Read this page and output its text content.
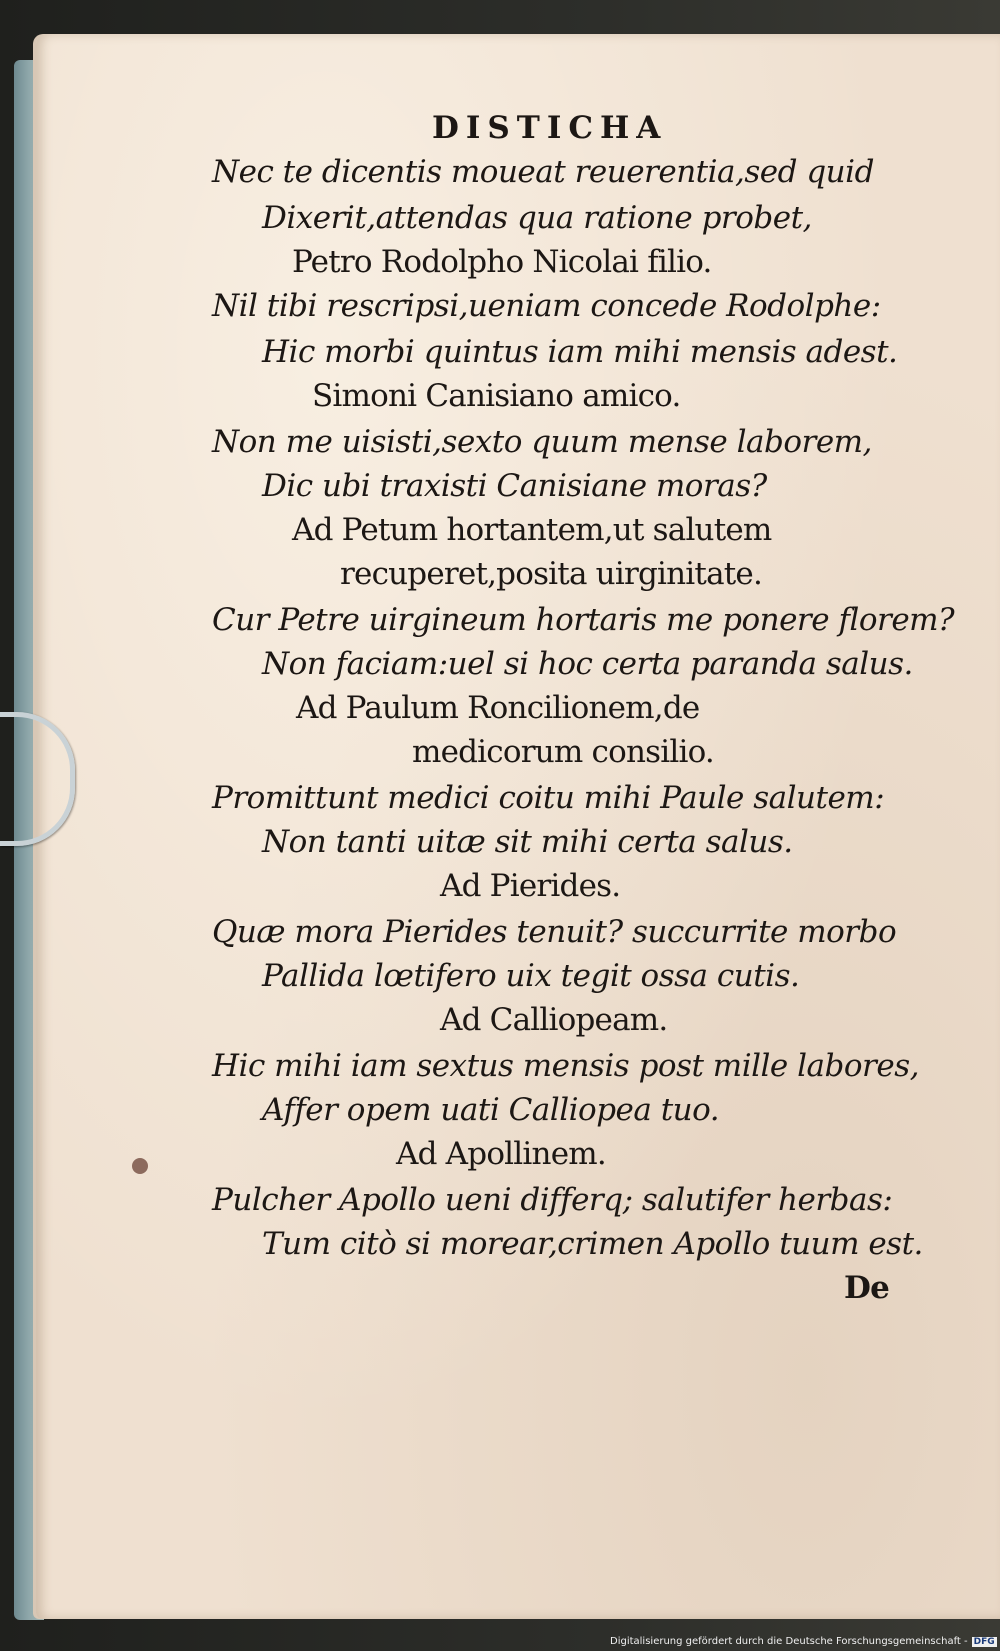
DISTICHA
Nec te dicentis moueat reuerentia,sed quid
Dixerit,attendas qua ratione probet,
Petro Rodolpho Nicolai filio.
Nil tibi rescripsi,ueniam concede Rodolphe:
Hic morbi quintus iam mihi mensis adest.
Simoni Canisiano amico.
Non me uisisti,sexto quum mense laborem,
Dic ubi traxisti Canisiane moras?
Ad Petum hortantem,ut salutem
recuperet,posita uirginitate.
Cur Petre uirgineum hortaris me ponere florem?
Non faciam:uel si hoc certa paranda salus.
Ad Paulum Roncilionem,de
medicorum consilio.
Promittunt medici coitu mihi Paule salutem:
Non tanti uitæ sit mihi certa salus.
Ad Pierides.
Quæ mora Pierides tenuit? succurrite morbo
Pallida lœtifero uix tegit ossa cutis.
Ad Calliopeam.
Hic mihi iam sextus mensis post mille labores,
Affer opem uati Calliopea tuo.
Ad Apollinem.
Pulcher Apollo ueni differq; salutifer herbas:
Tum citò si morear,crimen Apollo tuum est.
De
Digitalisierung gefördert durch die Deutsche Forschungsgemeinschaft - DFG
